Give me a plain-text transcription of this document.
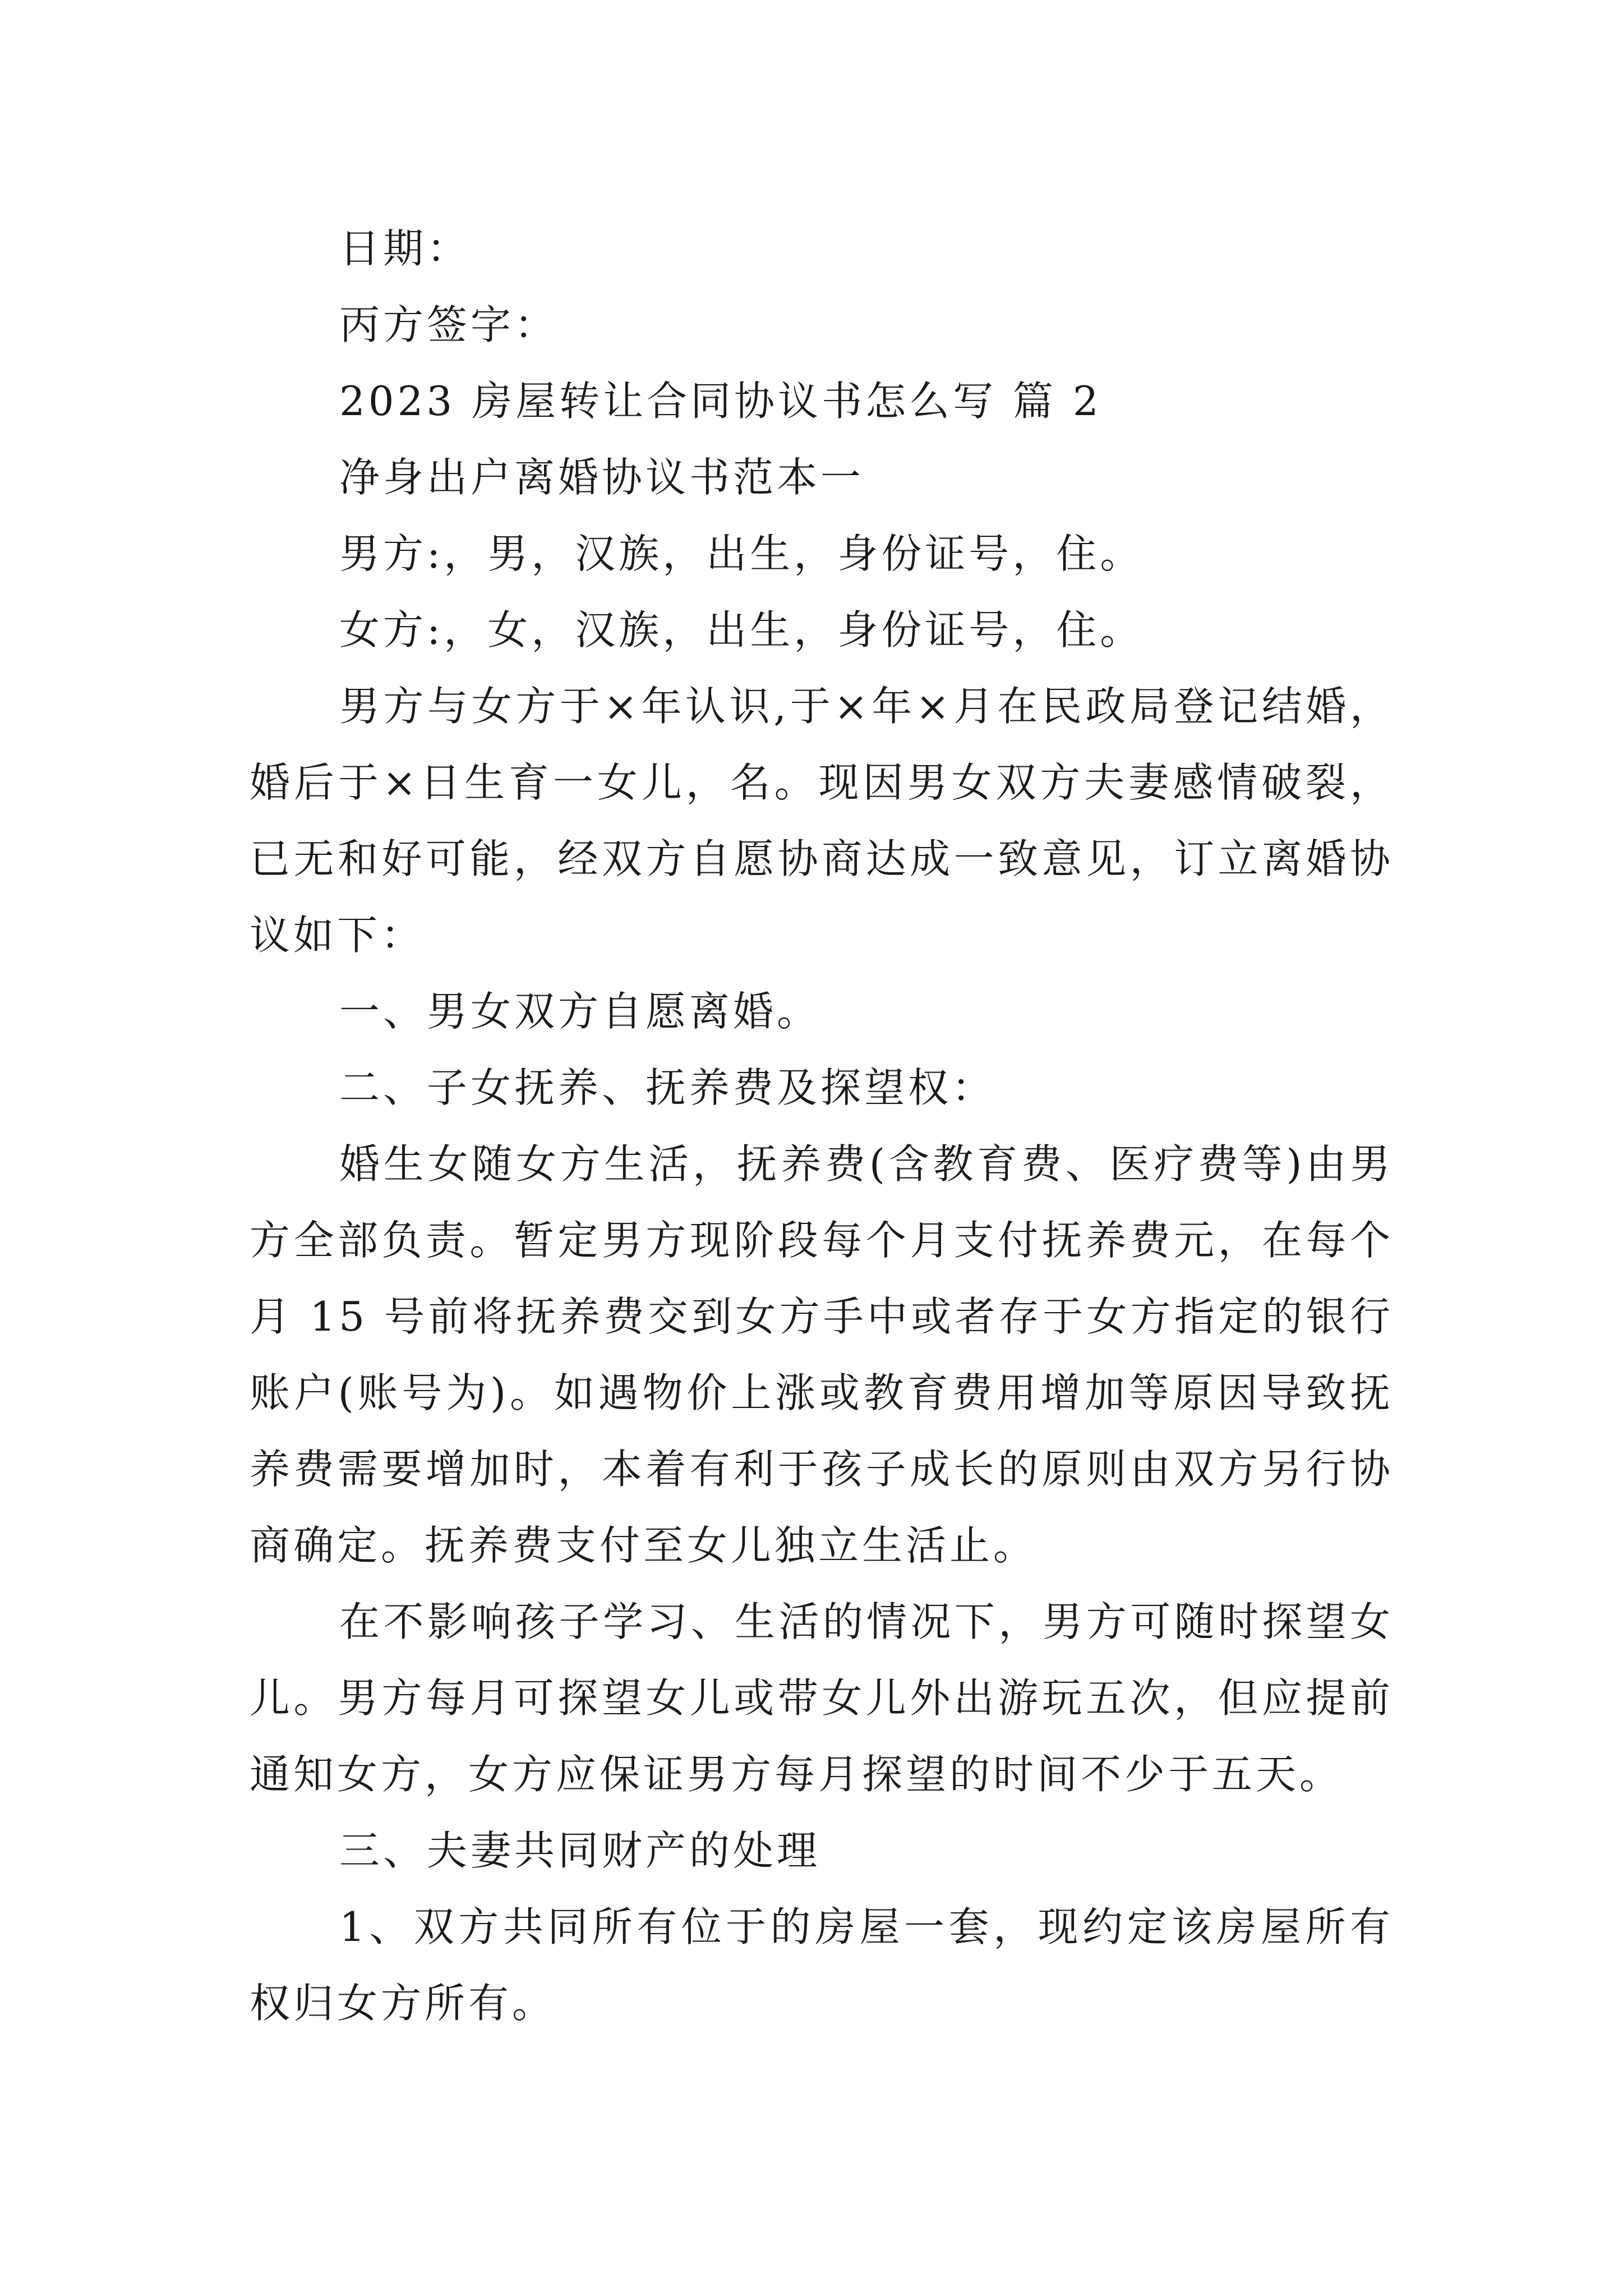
日期：

丙方签字：

2023 房屋转让合同协议书怎么写 篇 2

净身出户离婚协议书范本一

男方:，男，汉族，出生，身份证号，住。

女方:，女，汉族，出生，身份证号，住。

男方与女方于×年认识,于×年×月在民政局登记结婚，婚后于×日生育一女儿，名。现因男女双方夫妻感情破裂，已无和好可能，经双方自愿协商达成一致意见，订立离婚协议如下：

一、男女双方自愿离婚。

二、子女抚养、抚养费及探望权：

婚生女随女方生活，抚养费(含教育费、医疗费等)由男方全部负责。暂定男方现阶段每个月支付抚养费元，在每个月 15 号前将抚养费交到女方手中或者存于女方指定的银行账户(账号为)。如遇物价上涨或教育费用增加等原因导致抚养费需要增加时，本着有利于孩子成长的原则由双方另行协商确定。抚养费支付至女儿独立生活止。

在不影响孩子学习、生活的情况下，男方可随时探望女儿。男方每月可探望女儿或带女儿外出游玩五次，但应提前通知女方，女方应保证男方每月探望的时间不少于五天。

三、夫妻共同财产的处理

1、双方共同所有位于的房屋一套，现约定该房屋所有权归女方所有。
